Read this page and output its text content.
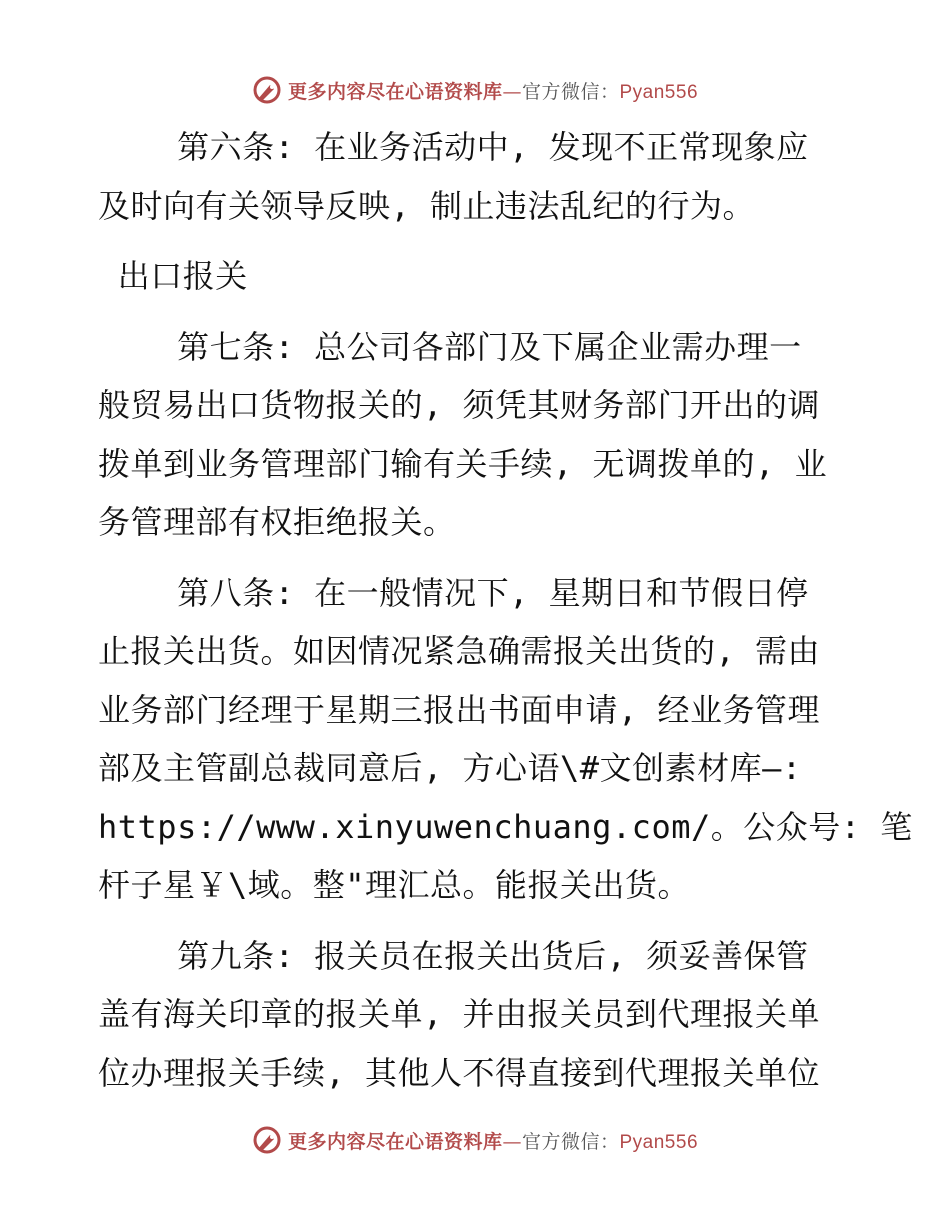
更多内容尽在心语资料库—官方微信：Pyan556

第六条: 在业务活动中, 发现不正常现象应
及时向有关领导反映, 制止违法乱纪的行为。

出口报关

第七条: 总公司各部门及下属企业需办理一
般贸易出口货物报关的, 须凭其财务部门开出的调
拨单到业务管理部门输有关手续, 无调拨单的, 业
务管理部有权拒绝报关。

第八条: 在一般情况下, 星期日和节假日停
止报关出货。如因情况紧急确需报关出货的, 需由
业务部门经理于星期三报出书面申请, 经业务管理
部及主管副总裁同意后, 方心语\#文创素材库—:
https://www.xinyuwenchuang.com/。公众号: 笔
杆子星￥\域。整"理汇总。能报关出货。

第九条: 报关员在报关出货后, 须妥善保管
盖有海关印章的报关单, 并由报关员到代理报关单
位办理报关手续, 其他人不得直接到代理报关单位

更多内容尽在心语资料库—官方微信：Pyan556
